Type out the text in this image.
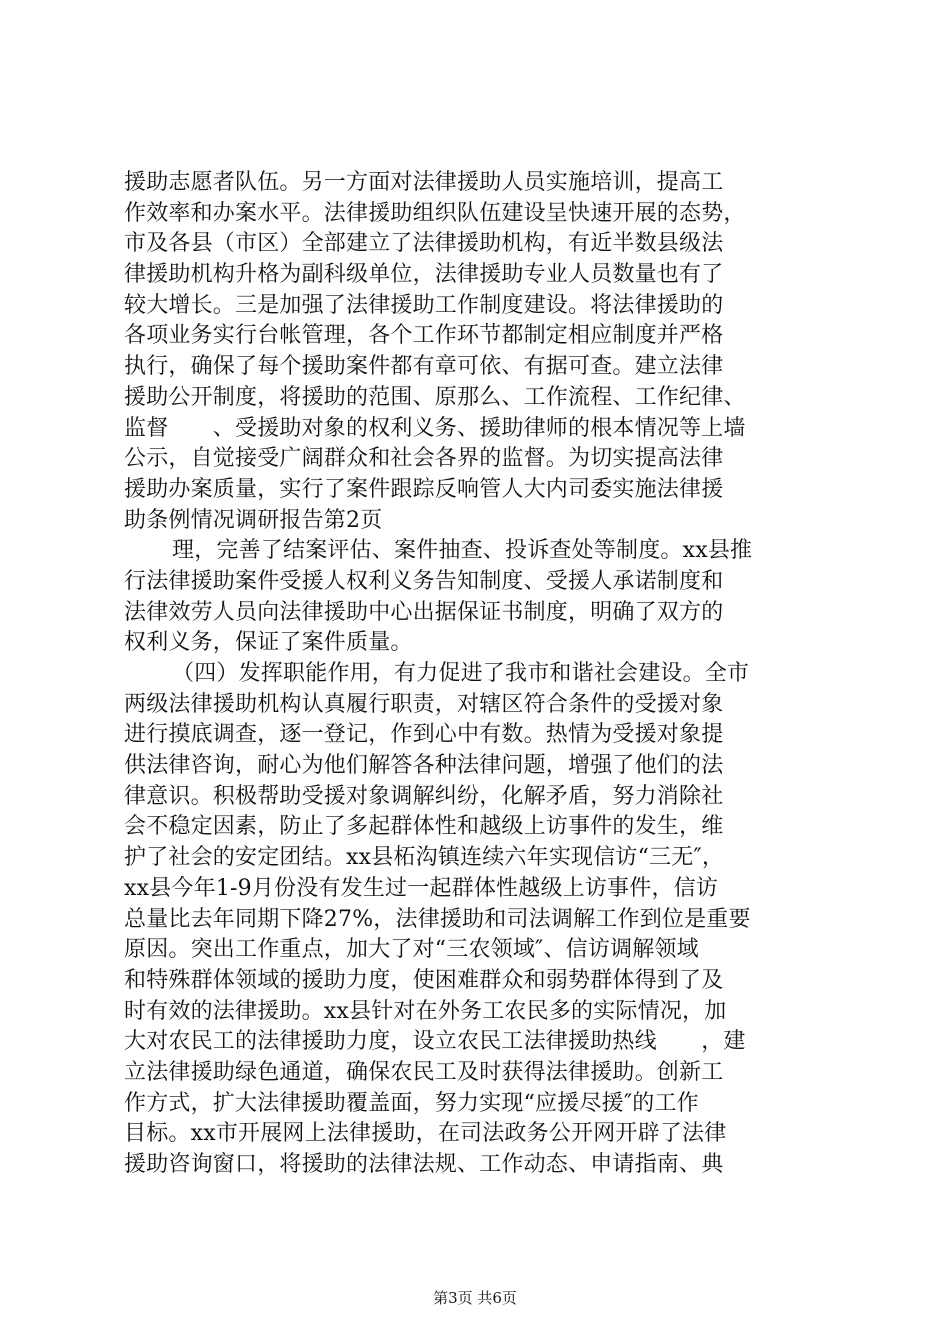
援助志愿者队伍。另一方面对法律援助人员实施培训，提高工
作效率和办案水平。法律援助组织队伍建设呈快速开展的态势，
市及各县（市区）全部建立了法律援助机构，有近半数县级法
律援助机构升格为副科级单位，法律援助专业人员数量也有了
较大增长。三是加强了法律援助工作制度建设。将法律援助的
各项业务实行台帐管理，各个工作环节都制定相应制度并严格
执行，确保了每个援助案件都有章可依、有据可查。建立法律
援助公开制度，将援助的范围、原那么、工作流程、工作纪律、
监督　　、受援助对象的权利义务、援助律师的根本情况等上墙
公示，自觉接受广阔群众和社会各界的监督。为切实提高法律
援助办案质量，实行了案件跟踪反响管人大内司委实施法律援
助条例情况调研报告第2页
理，完善了结案评估、案件抽查、投诉查处等制度。xx县推
行法律援助案件受援人权利义务告知制度、受援人承诺制度和
法律效劳人员向法律援助中心出据保证书制度，明确了双方的
权利义务，保证了案件质量。
（四）发挥职能作用，有力促进了我市和谐社会建设。全市
两级法律援助机构认真履行职责，对辖区符合条件的受援对象
进行摸底调查，逐一登记，作到心中有数。热情为受援对象提
供法律咨询，耐心为他们解答各种法律问题，增强了他们的法
律意识。积极帮助受援对象调解纠纷，化解矛盾，努力消除社
会不稳定因素，防止了多起群体性和越级上访事件的发生，维
护了社会的安定团结。xx县柘沟镇连续六年实现信访“三无″，
xx县今年1-9月份没有发生过一起群体性越级上访事件，信访
总量比去年同期下降27%，法律援助和司法调解工作到位是重要
原因。突出工作重点，加大了对“三农领域″、信访调解领域
和特殊群体领域的援助力度，使困难群众和弱势群体得到了及
时有效的法律援助。xx县针对在外务工农民多的实际情况，加
大对农民工的法律援助力度，设立农民工法律援助热线　　，建
立法律援助绿色通道，确保农民工及时获得法律援助。创新工
作方式，扩大法律援助覆盖面，努力实现“应援尽援″的工作
目标。xx市开展网上法律援助，在司法政务公开网开辟了法律
援助咨询窗口，将援助的法律法规、工作动态、申请指南、典
第3页 共6页
